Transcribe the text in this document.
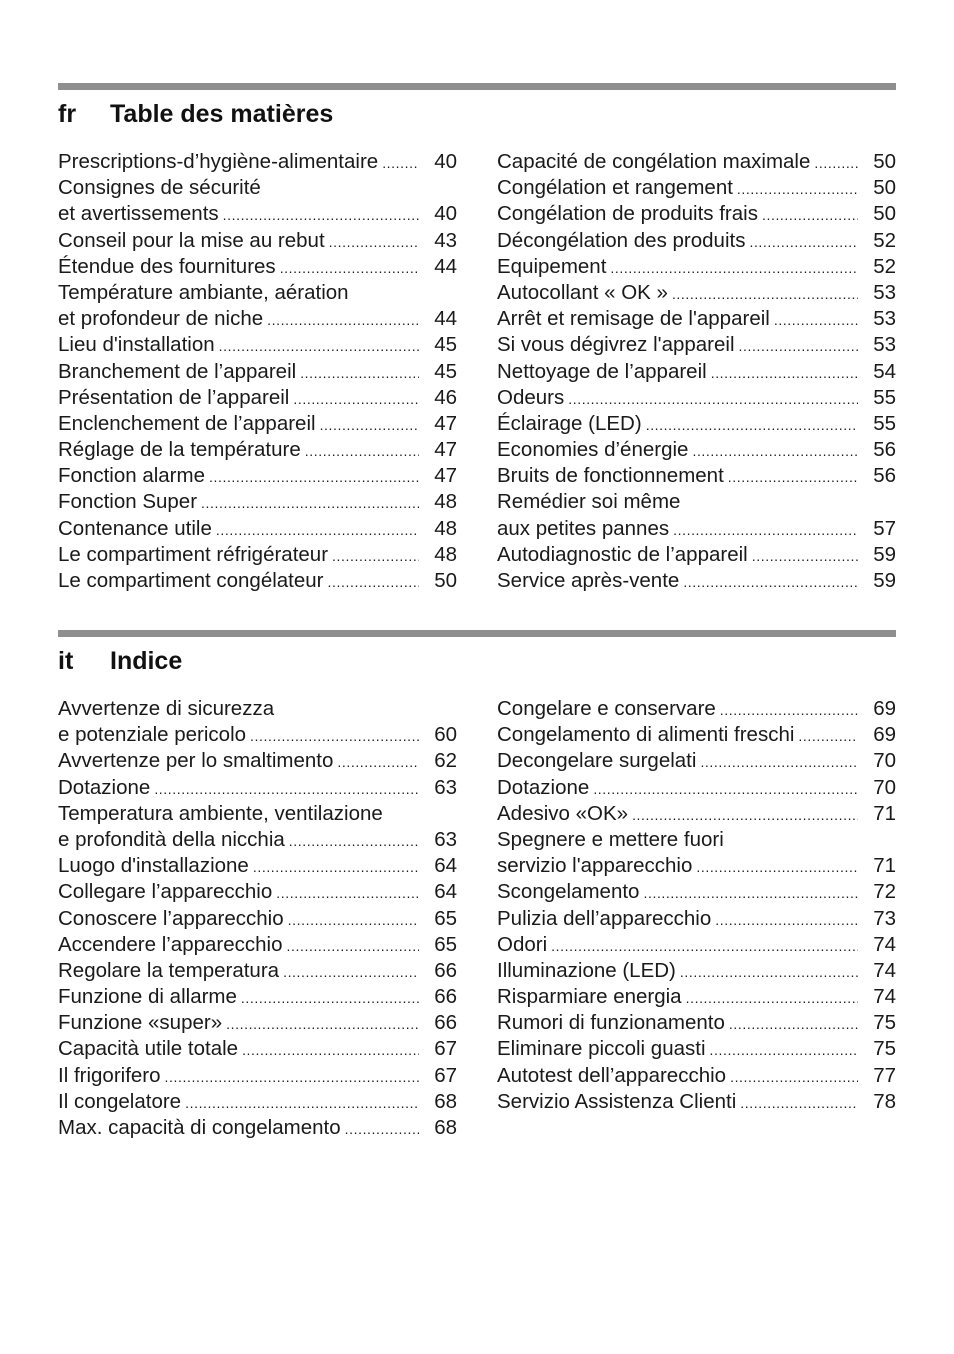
fr	Table des matières
Prescriptions-d’hygiène-alimentaire .....	40
Consignes de sécurité
et avertissements .....	40
Conseil pour la mise au rebut .....	43
Étendue des fournitures .....	44
Température ambiante, aération
et profondeur de niche .....	44
Lieu d'installation .....	45
Branchement de l’appareil .....	45
Présentation de l’appareil .....	46
Enclenchement de l’appareil .....	47
Réglage de la température .....	47
Fonction alarme .....	47
Fonction Super .....	48
Contenance utile .....	48
Le compartiment réfrigérateur .....	48
Le compartiment congélateur .....	50
Capacité de congélation maximale .....	50
Congélation et rangement .....	50
Congélation de produits frais .....	50
Décongélation des produits .....	52
Equipement .....	52
Autocollant « OK » .....	53
Arrêt et remisage de l'appareil .....	53
Si vous dégivrez l'appareil .....	53
Nettoyage de l’appareil .....	54
Odeurs .....	55
Éclairage (LED) .....	55
Economies d’énergie .....	56
Bruits de fonctionnement .....	56
Remédier soi même
aux petites pannes .....	57
Autodiagnostic de l’appareil .....	59
Service après-vente .....	59
it	Indice
Avvertenze di sicurezza
e potenziale pericolo .....	60
Avvertenze per lo smaltimento .....	62
Dotazione .....	63
Temperatura ambiente, ventilazione
e profondità della nicchia .....	63
Luogo d'installazione .....	64
Collegare l’apparecchio .....	64
Conoscere l’apparecchio .....	65
Accendere l’apparecchio .....	65
Regolare la temperatura .....	66
Funzione di allarme .....	66
Funzione «super» .....	66
Capacità utile totale .....	67
Il frigorifero .....	67
Il congelatore .....	68
Max. capacità di congelamento .....	68
Congelare e conservare .....	69
Congelamento di alimenti freschi .....	69
Decongelare surgelati .....	70
Dotazione .....	70
Adesivo «OK» .....	71
Spegnere e mettere fuori
servizio l'apparecchio .....	71
Scongelamento .....	72
Pulizia dell’apparecchio .....	73
Odori .....	74
Illuminazione (LED) .....	74
Risparmiare energia .....	74
Rumori di funzionamento .....	75
Eliminare piccoli guasti .....	75
Autotest dell’apparecchio .....	77
Servizio Assistenza Clienti .....	78
